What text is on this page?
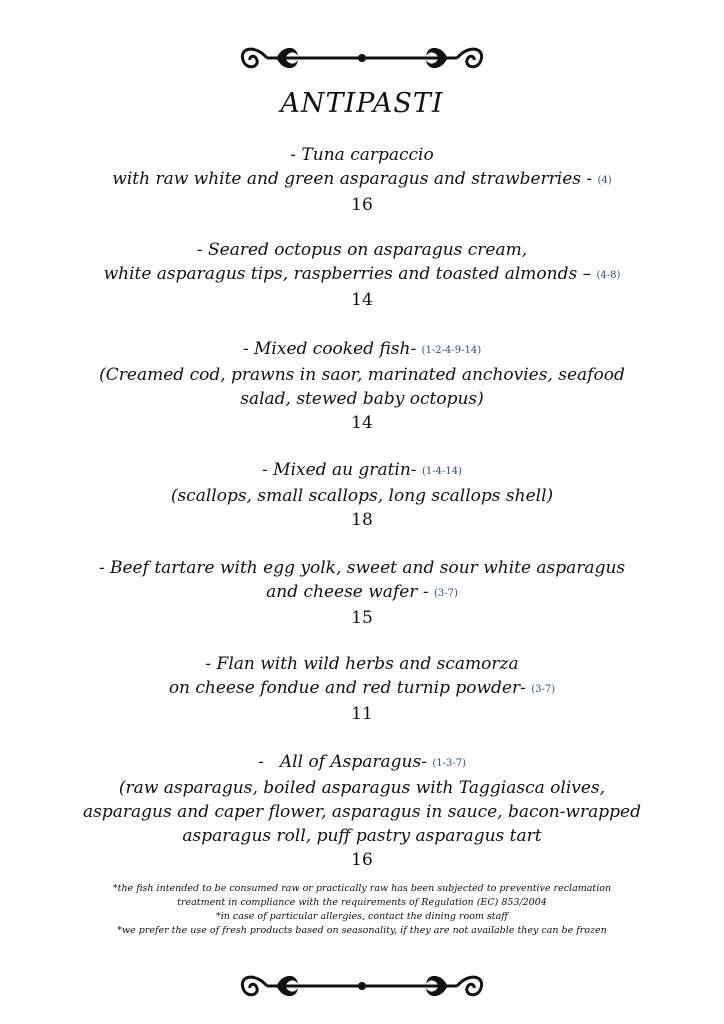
ANTIPASTI
- Tuna carpaccio
with raw white and green asparagus and strawberries - (4)
16
- Seared octopus on asparagus cream,
white asparagus tips, raspberries and toasted almonds – (4-8)
14
- Mixed cooked fish- (1-2-4-9-14)
(Creamed cod, prawns in saor, marinated anchovies, seafood
salad, stewed baby octopus)
14
- Mixed au gratin- (1-4-14)
(scallops, small scallops, long scallops shell)
18
- Beef tartare with egg yolk, sweet and sour white asparagus
and cheese wafer - (3-7)
15
- Flan with wild herbs and scamorza
on cheese fondue and red turnip powder- (3-7)
11
-   All of Asparagus- (1-3-7)
(raw asparagus, boiled asparagus with Taggiasca olives,
asparagus and caper flower, asparagus in sauce, bacon-wrapped
asparagus roll, puff pastry asparagus tart
16
*the fish intended to be consumed raw or practically raw has been subjected to preventive reclamation
treatment in compliance with the requirements of Regulation (EC) 853/2004
*in case of particular allergies, contact the dining room staff
*we prefer the use of fresh products based on seasonality, if they are not available they can be frozen
